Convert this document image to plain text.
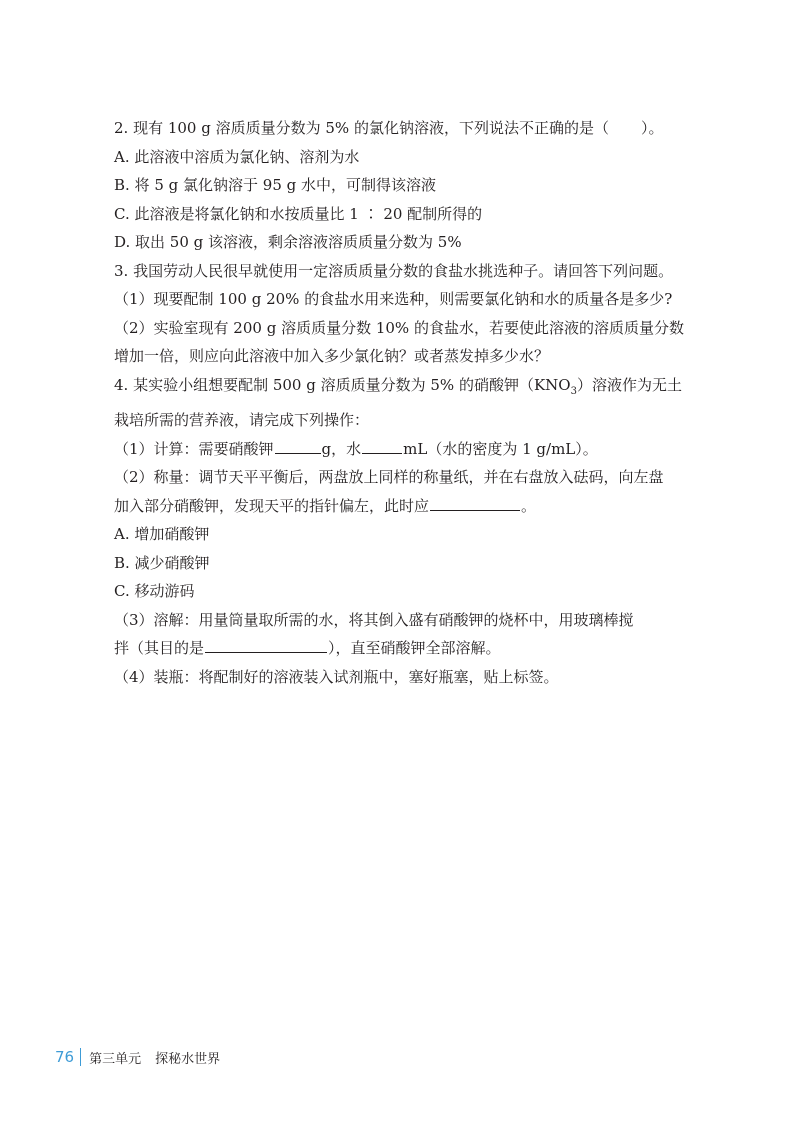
2. 现有 100 g 溶质质量分数为 5% 的氯化钠溶液，下列说法不正确的是（ ）。
A. 此溶液中溶质为氯化钠、溶剂为水
B. 将 5 g 氯化钠溶于 95 g 水中，可制得该溶液
C. 此溶液是将氯化钠和水按质量比 1 ∶ 20 配制所得的
D. 取出 50 g 该溶液，剩余溶液溶质质量分数为 5%
3. 我国劳动人民很早就使用一定溶质质量分数的食盐水挑选种子。请回答下列问题。
（1）现要配制 100 g 20% 的食盐水用来选种，则需要氯化钠和水的质量各是多少?
（2）实验室现有 200 g 溶质质量分数 10% 的食盐水，若要使此溶液的溶质质量分数
增加一倍，则应向此溶液中加入多少氯化钠？或者蒸发掉多少水？
4. 某实验小组想要配制 500 g 溶质质量分数为 5% 的硝酸钾$(KNO_3)$溶液作为无土
栽培所需的营养液，请完成下列操作：
（1）计算：需要硝酸钾	g，水	mL（水的密度为 1 g/mL）。
（2）称量：调节天平平衡后，两盘放上同样的称量纸，并在右盘放入砝码，向左盘
加入部分硝酸钾，发现天平的指针偏左，此时应	。
A. 增加硝酸钾
B. 减少硝酸钾
C. 移动游码
（3）溶解：用量筒量取所需的水，将其倒入盛有硝酸钾的烧杯中，用玻璃棒搅
拌（其目的是	），直至硝酸钾全部溶解。
（4）装瓶：将配制好的溶液装入试剂瓶中，塞好瓶塞，贴上标签。
76 第三单元 探秘水世界
